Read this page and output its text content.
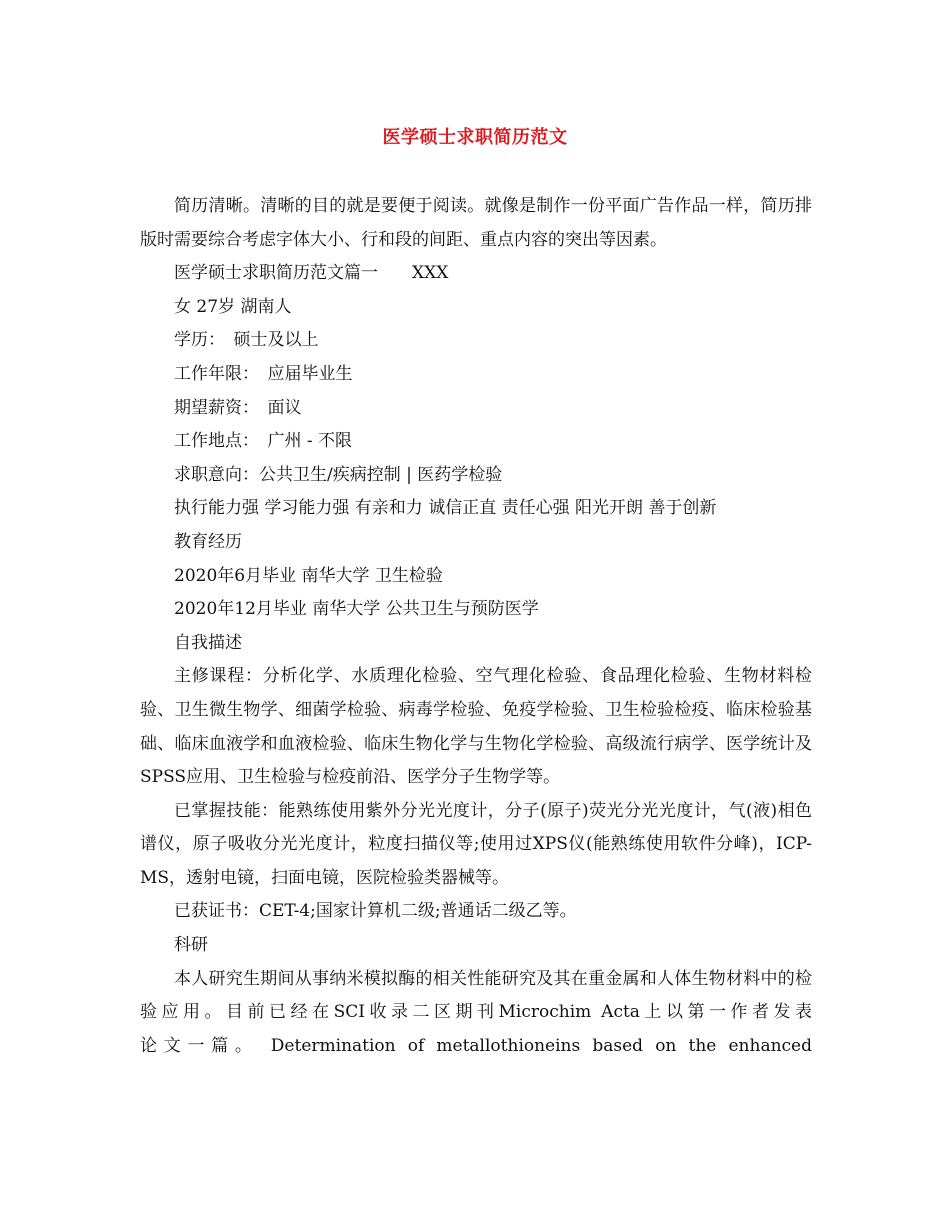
医学硕士求职简历范文

简历清晰。清晰的目的就是要便于阅读。就像是制作一份平面广告作品一样，简历排版时需要综合考虑字体大小、行和段的间距、重点内容的突出等因素。

医学硕士求职简历范文篇一　　XXX

女 27岁 湖南人

学历：　硕士及以上

工作年限：　应届毕业生

期望薪资：　面议

工作地点：　广州 - 不限

求职意向：公共卫生/疾病控制 | 医药学检验

执行能力强 学习能力强 有亲和力 诚信正直 责任心强 阳光开朗 善于创新

教育经历

2020年6月毕业 南华大学 卫生检验

2020年12月毕业 南华大学 公共卫生与预防医学

自我描述

主修课程：分析化学、水质理化检验、空气理化检验、食品理化检验、生物材料检验、卫生微生物学、细菌学检验、病毒学检验、免疫学检验、卫生检验检疫、临床检验基础、临床血液学和血液检验、临床生物化学与生物化学检验、高级流行病学、医学统计及SPSS应用、卫生检验与检疫前沿、医学分子生物学等。

已掌握技能：能熟练使用紫外分光光度计，分子(原子)荧光分光光度计，气(液)相色谱仪，原子吸收分光光度计，粒度扫描仪等;使用过XPS仪(能熟练使用软件分峰)，ICP-MS，透射电镜，扫面电镜，医院检验类器械等。

已获证书：CET-4;国家计算机二级;普通话二级乙等。

科研

本人研究生期间从事纳米模拟酶的相关性能研究及其在重金属和人体生物材料中的检验应用。目前已经在SCI收录二区期刊Microchim Acta上以第一作者发表

论文一篇。 Determination of metallothioneins based on the enhanced
